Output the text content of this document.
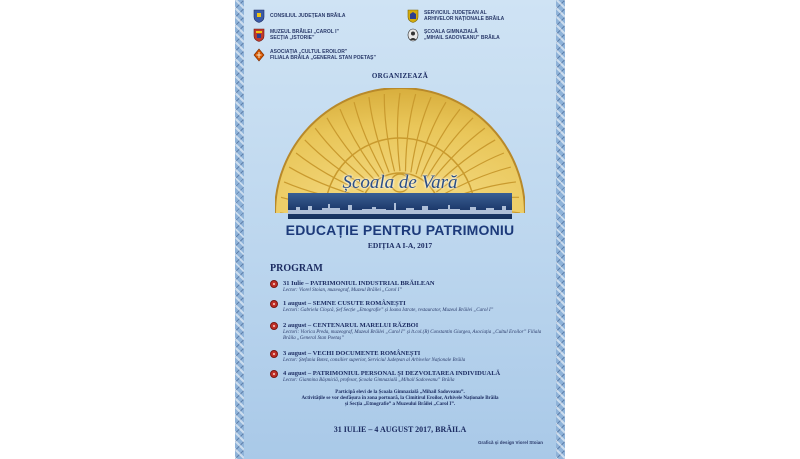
CONSILIUL JUDEȚEAN BRĂILA
MUZEUL BRĂILEI „CAROL I”
SECȚIA „ISTORIE”
ASOCIAȚIA „CULTUL EROILOR”
FILIALA BRĂILA „GENERAL STAN POETAȘ”
SERVICIUL JUDEȚEAN AL
ARHIVELOR NAȚIONALE BRĂILA
ȘCOALA GIMNAZIALĂ
„MIHAIL SADOVEANU” BRĂILA
ORGANIZEAZĂ
Școala de Vară
EDUCAȚIE PENTRU PATRIMONIU
EDIȚIA A I-A, 2017
PROGRAM
31 Iulie – PATRIMONIUL INDUSTRIAL BRĂILEAN
Lector: Viorel Stoian, muzeograf, Muzeul Brăilei „Carol I”
1 august – SEMNE CUSUTE ROMÂNEȘTI
Lectori: Gabriela Cloșcă, Șef Secție „Etnografie” și Ioana Istrate, restaurator, Muzeul Brăilei „Carol I”
2 august – CENTENARUL MARELUI RĂZBOI
Lectori: Viorica Preda, muzeograf, Muzeul Brăilei „Carol I” și lt.col.(R) Constantin Giurgea, Asociația „Cultul Eroilor” Filiala Brăila „General Stan Poetaș”
3 august – VECHI DOCUMENTE ROMÂNEȘTI
Lector: Ștefania Botez, consilier superior, Serviciul Județean al Arhivelor Naționale Brăila
4 august – PATRIMONIUL PERSONAL ȘI DEZVOLTAREA INDIVIDUALĂ
Lector: Giannina Bășmiciă, profesor, Școala Gimnazială „Mihail Sadoveanu” Brăila
Participă elevi de la Școala Gimnazială „Mihail Sadoveanu”.
Activitățile se vor desfășura în zona portuară, la Cimitirul Eroilor, Arhivele Naționale Brăila
și Secția „Etnografie” a Muzeului Brăilei „Carol I”.
31 IULIE – 4 AUGUST 2017, BRĂILA
Grafică și design Viorel Stoian
